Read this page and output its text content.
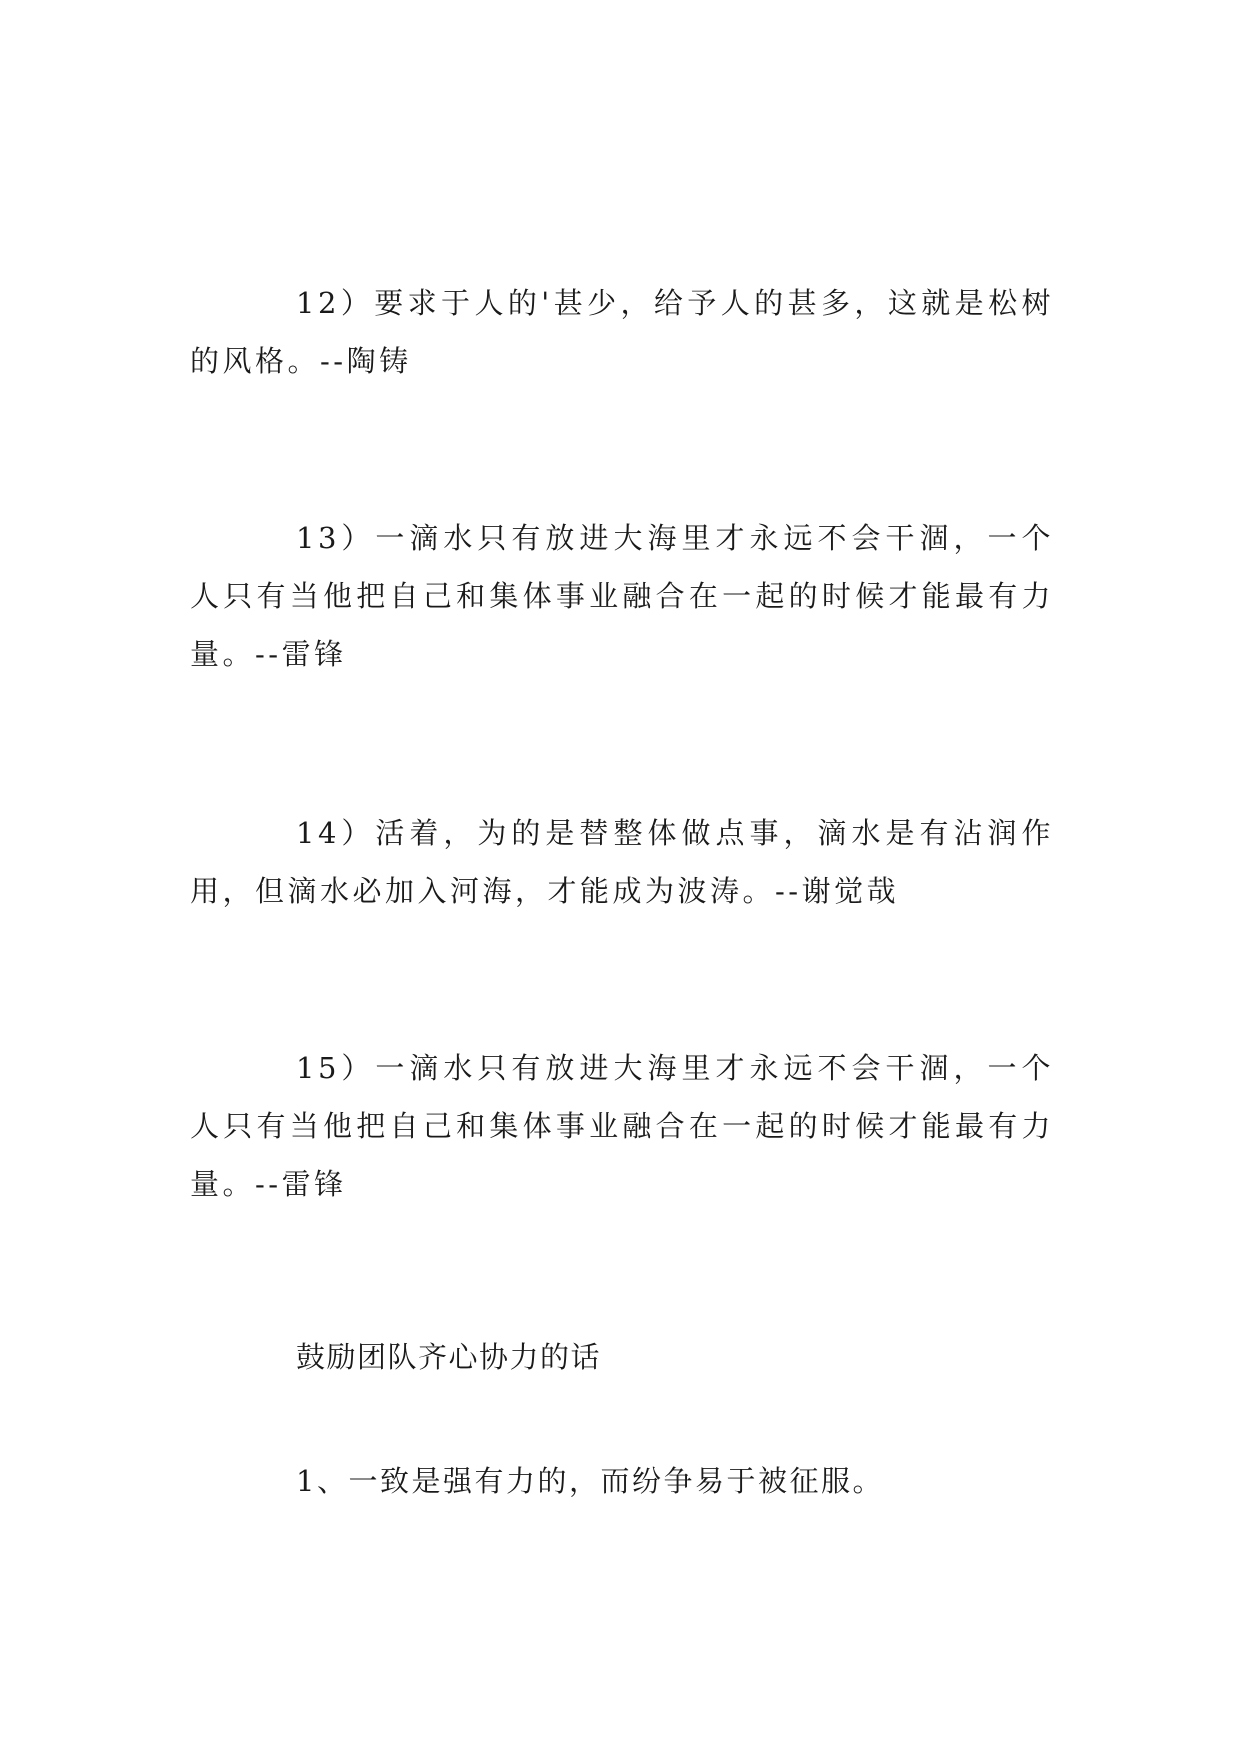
12）要求于人的'甚少，给予人的甚多，这就是松树的风格。--陶铸

13）一滴水只有放进大海里才永远不会干涸，一个人只有当他把自己和集体事业融合在一起的时候才能最有力量。--雷锋

14）活着，为的是替整体做点事，滴水是有沾润作用，但滴水必加入河海，才能成为波涛。--谢觉哉

15）一滴水只有放进大海里才永远不会干涸，一个人只有当他把自己和集体事业融合在一起的时候才能最有力量。--雷锋

鼓励团队齐心协力的话

1、一致是强有力的，而纷争易于被征服。
